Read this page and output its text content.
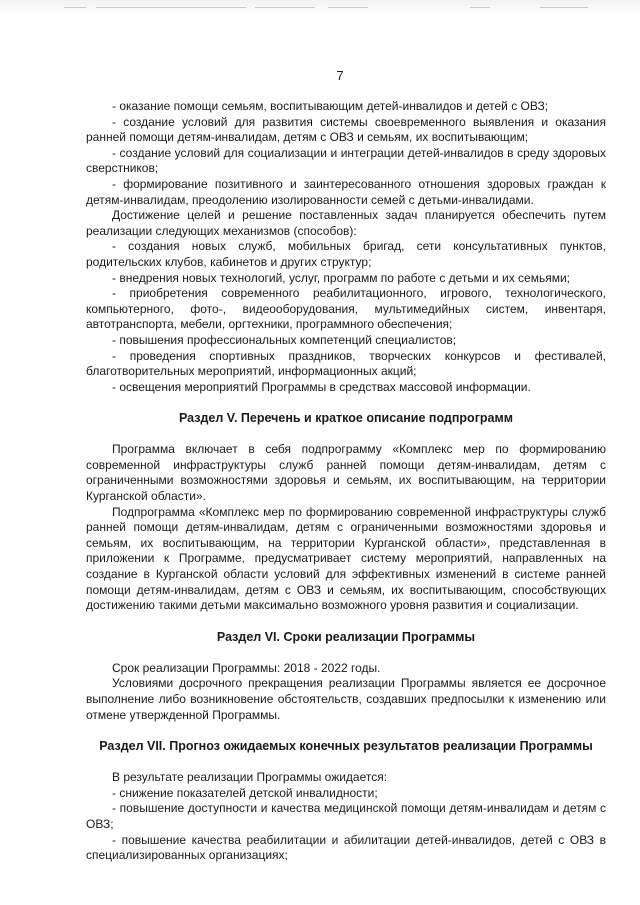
7

- оказание помощи семьям, воспитывающим детей-инвалидов и детей с ОВЗ;

- создание условий для развития системы своевременного выявления и оказания ранней помощи детям-инвалидам, детям с ОВЗ и семьям, их воспитывающим;

- создание условий для социализации и интеграции детей-инвалидов в среду здоровых сверстников;

- формирование позитивного и заинтересованного отношения здоровых граждан к детям-инвалидам, преодолению изолированности семей с детьми-инвалидами.

Достижение целей и решение поставленных задач планируется обеспечить путем реализации следующих механизмов (способов):

- создания новых служб, мобильных бригад, сети консультативных пунктов, родительских клубов, кабинетов и других структур;

- внедрения новых технологий, услуг, программ по работе с детьми и их семьями;

- приобретения современного реабилитационного, игрового, технологического, компьютерного, фото-, видеооборудования, мультимедийных систем, инвентаря, автотранспорта, мебели, оргтехники, программного обеспечения;

- повышения профессиональных компетенций специалистов;

- проведения спортивных праздников, творческих конкурсов и фестивалей, благотворительных мероприятий, информационных акций;

- освещения мероприятий Программы в средствах массовой информации.

Раздел V. Перечень и краткое описание подпрограмм

Программа включает в себя подпрограмму «Комплекс мер по формированию современной инфраструктуры служб ранней помощи детям-инвалидам, детям с ограниченными возможностями здоровья и семьям, их воспитывающим, на территории Курганской области».

Подпрограмма «Комплекс мер по формированию современной инфраструктуры служб ранней помощи детям-инвалидам, детям с ограниченными возможностями здоровья и семьям, их воспитывающим, на территории Курганской области», представленная в приложении к Программе, предусматривает систему мероприятий, направленных на создание в Курганской области условий для эффективных изменений в системе ранней помощи детям-инвалидам, детям с ОВЗ и семьям, их воспитывающим, способствующих достижению такими детьми максимально возможного уровня развития и социализации.

Раздел VI. Сроки реализации Программы

Срок реализации Программы: 2018 - 2022 годы.

Условиями досрочного прекращения реализации Программы является ее досрочное выполнение либо возникновение обстоятельств, создавших предпосылки к изменению или отмене утвержденной Программы.

Раздел VII. Прогноз ожидаемых конечных результатов реализации Программы

В результате реализации Программы ожидается:

- снижение показателей детской инвалидности;

- повышение доступности и качества медицинской помощи детям-инвалидам и детям с ОВЗ;

- повышение качества реабилитации и абилитации детей-инвалидов, детей с ОВЗ в специализированных организациях;
